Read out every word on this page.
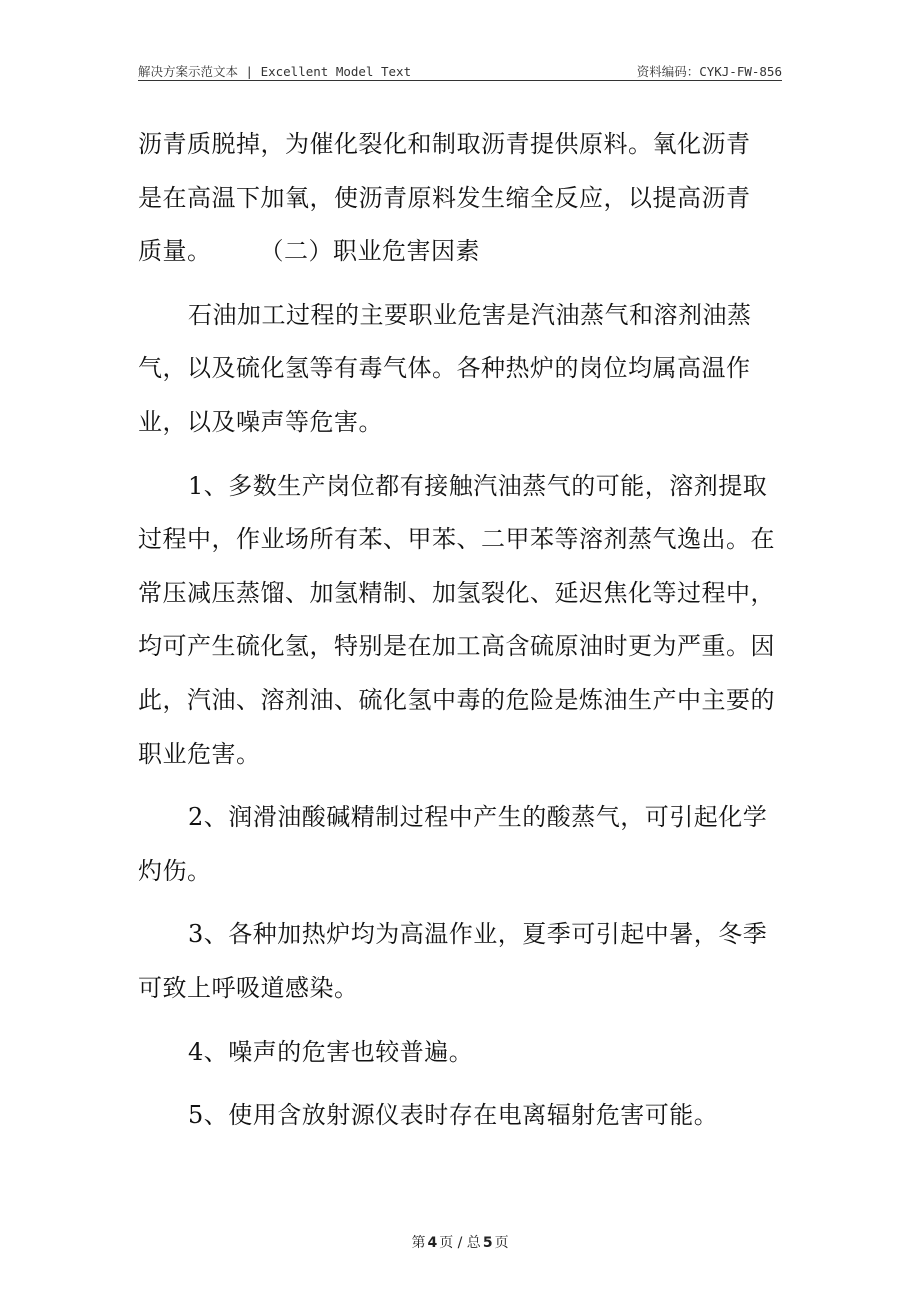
解决方案示范文本 | Excellent Model Text	资料编码：CYKJ-FW-856

沥青质脱掉，为催化裂化和制取沥青提供原料。氧化沥青

是在高温下加氧，使沥青原料发生缩全反应，以提高沥青

质量。	（二）职业危害因素

石油加工过程的主要职业危害是汽油蒸气和溶剂油蒸气，以及硫化氢等有毒气体。各种热炉的岗位均属高温作业，以及噪声等危害。

1、多数生产岗位都有接触汽油蒸气的可能，溶剂提取过程中，作业场所有苯、甲苯、二甲苯等溶剂蒸气逸出。在常压减压蒸馏、加氢精制、加氢裂化、延迟焦化等过程中，均可产生硫化氢，特别是在加工高含硫原油时更为严重。因此，汽油、溶剂油、硫化氢中毒的危险是炼油生产中主要的职业危害。

2、润滑油酸碱精制过程中产生的酸蒸气，可引起化学灼伤。

3、各种加热炉均为高温作业，夏季可引起中暑，冬季可致上呼吸道感染。

4、噪声的危害也较普遍。

5、使用含放射源仪表时存在电离辐射危害可能。

第 4 页 / 总 5 页
